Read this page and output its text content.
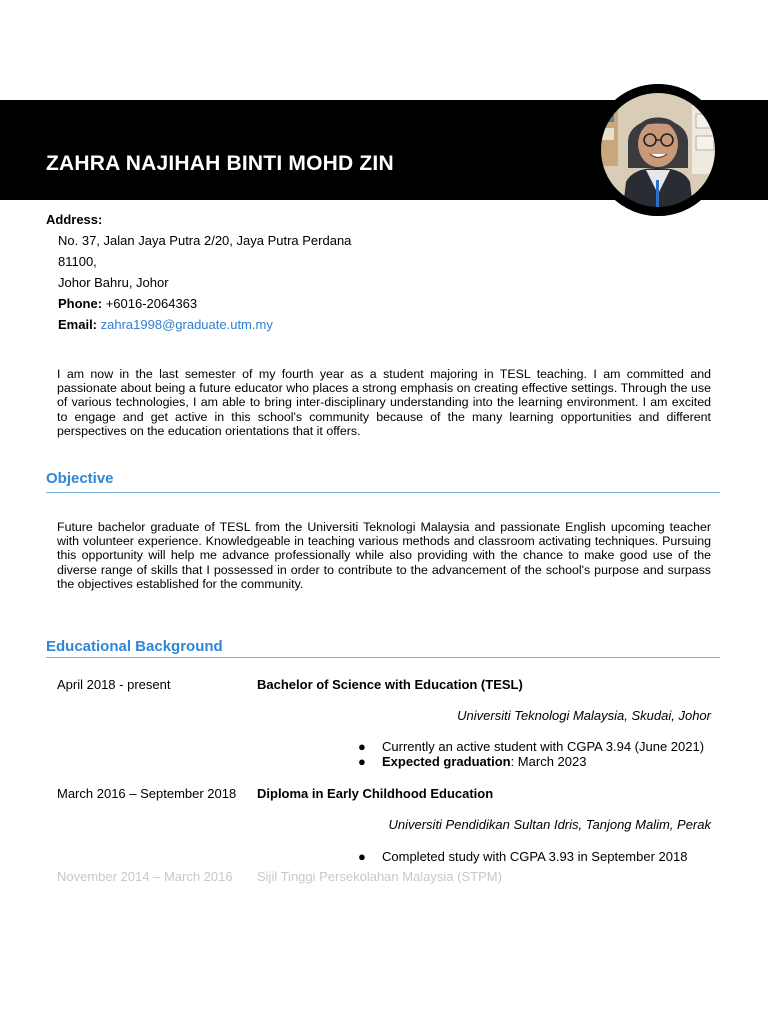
ZAHRA NAJIHAH BINTI MOHD ZIN
Address:
No. 37, Jalan Jaya Putra 2/20, Jaya Putra Perdana
81100,
Johor Bahru, Johor
Phone: +6016-2064363
Email: zahra1998@graduate.utm.my

I am now in the last semester of my fourth year as a student majoring in TESL teaching. I am committed and passionate about being a future educator who places a strong emphasis on creating effective settings. Through the use of various technologies, I am able to bring inter-disciplinary understanding into the learning environment. I am excited to engage and get active in this school's community because of the many learning opportunities and different perspectives on the education orientations that it offers.

Objective

Future bachelor graduate of TESL from the Universiti Teknologi Malaysia and passionate English upcoming teacher with volunteer experience. Knowledgeable in teaching various methods and classroom activating techniques. Pursuing this opportunity will help me advance professionally while also providing with the chance to make good use of the diverse range of skills that I possessed in order to contribute to the advancement of the school's purpose and surpass the objectives established for the community.

Educational Background
April 2018 - present	Bachelor of Science with Education (TESL)
Universiti Teknologi Malaysia, Skudai, Johor
● Currently an active student with CGPA 3.94 (June 2021)
● Expected graduation: March 2023
March 2016 – September 2018 Diploma in Early Childhood Education
Universiti Pendidikan Sultan Idris, Tanjong Malim, Perak
● Completed study with CGPA 3.93 in September 2018
November 2014 – March 2016 Sijil Tinggi Persekolahan Malaysia (STPM)
